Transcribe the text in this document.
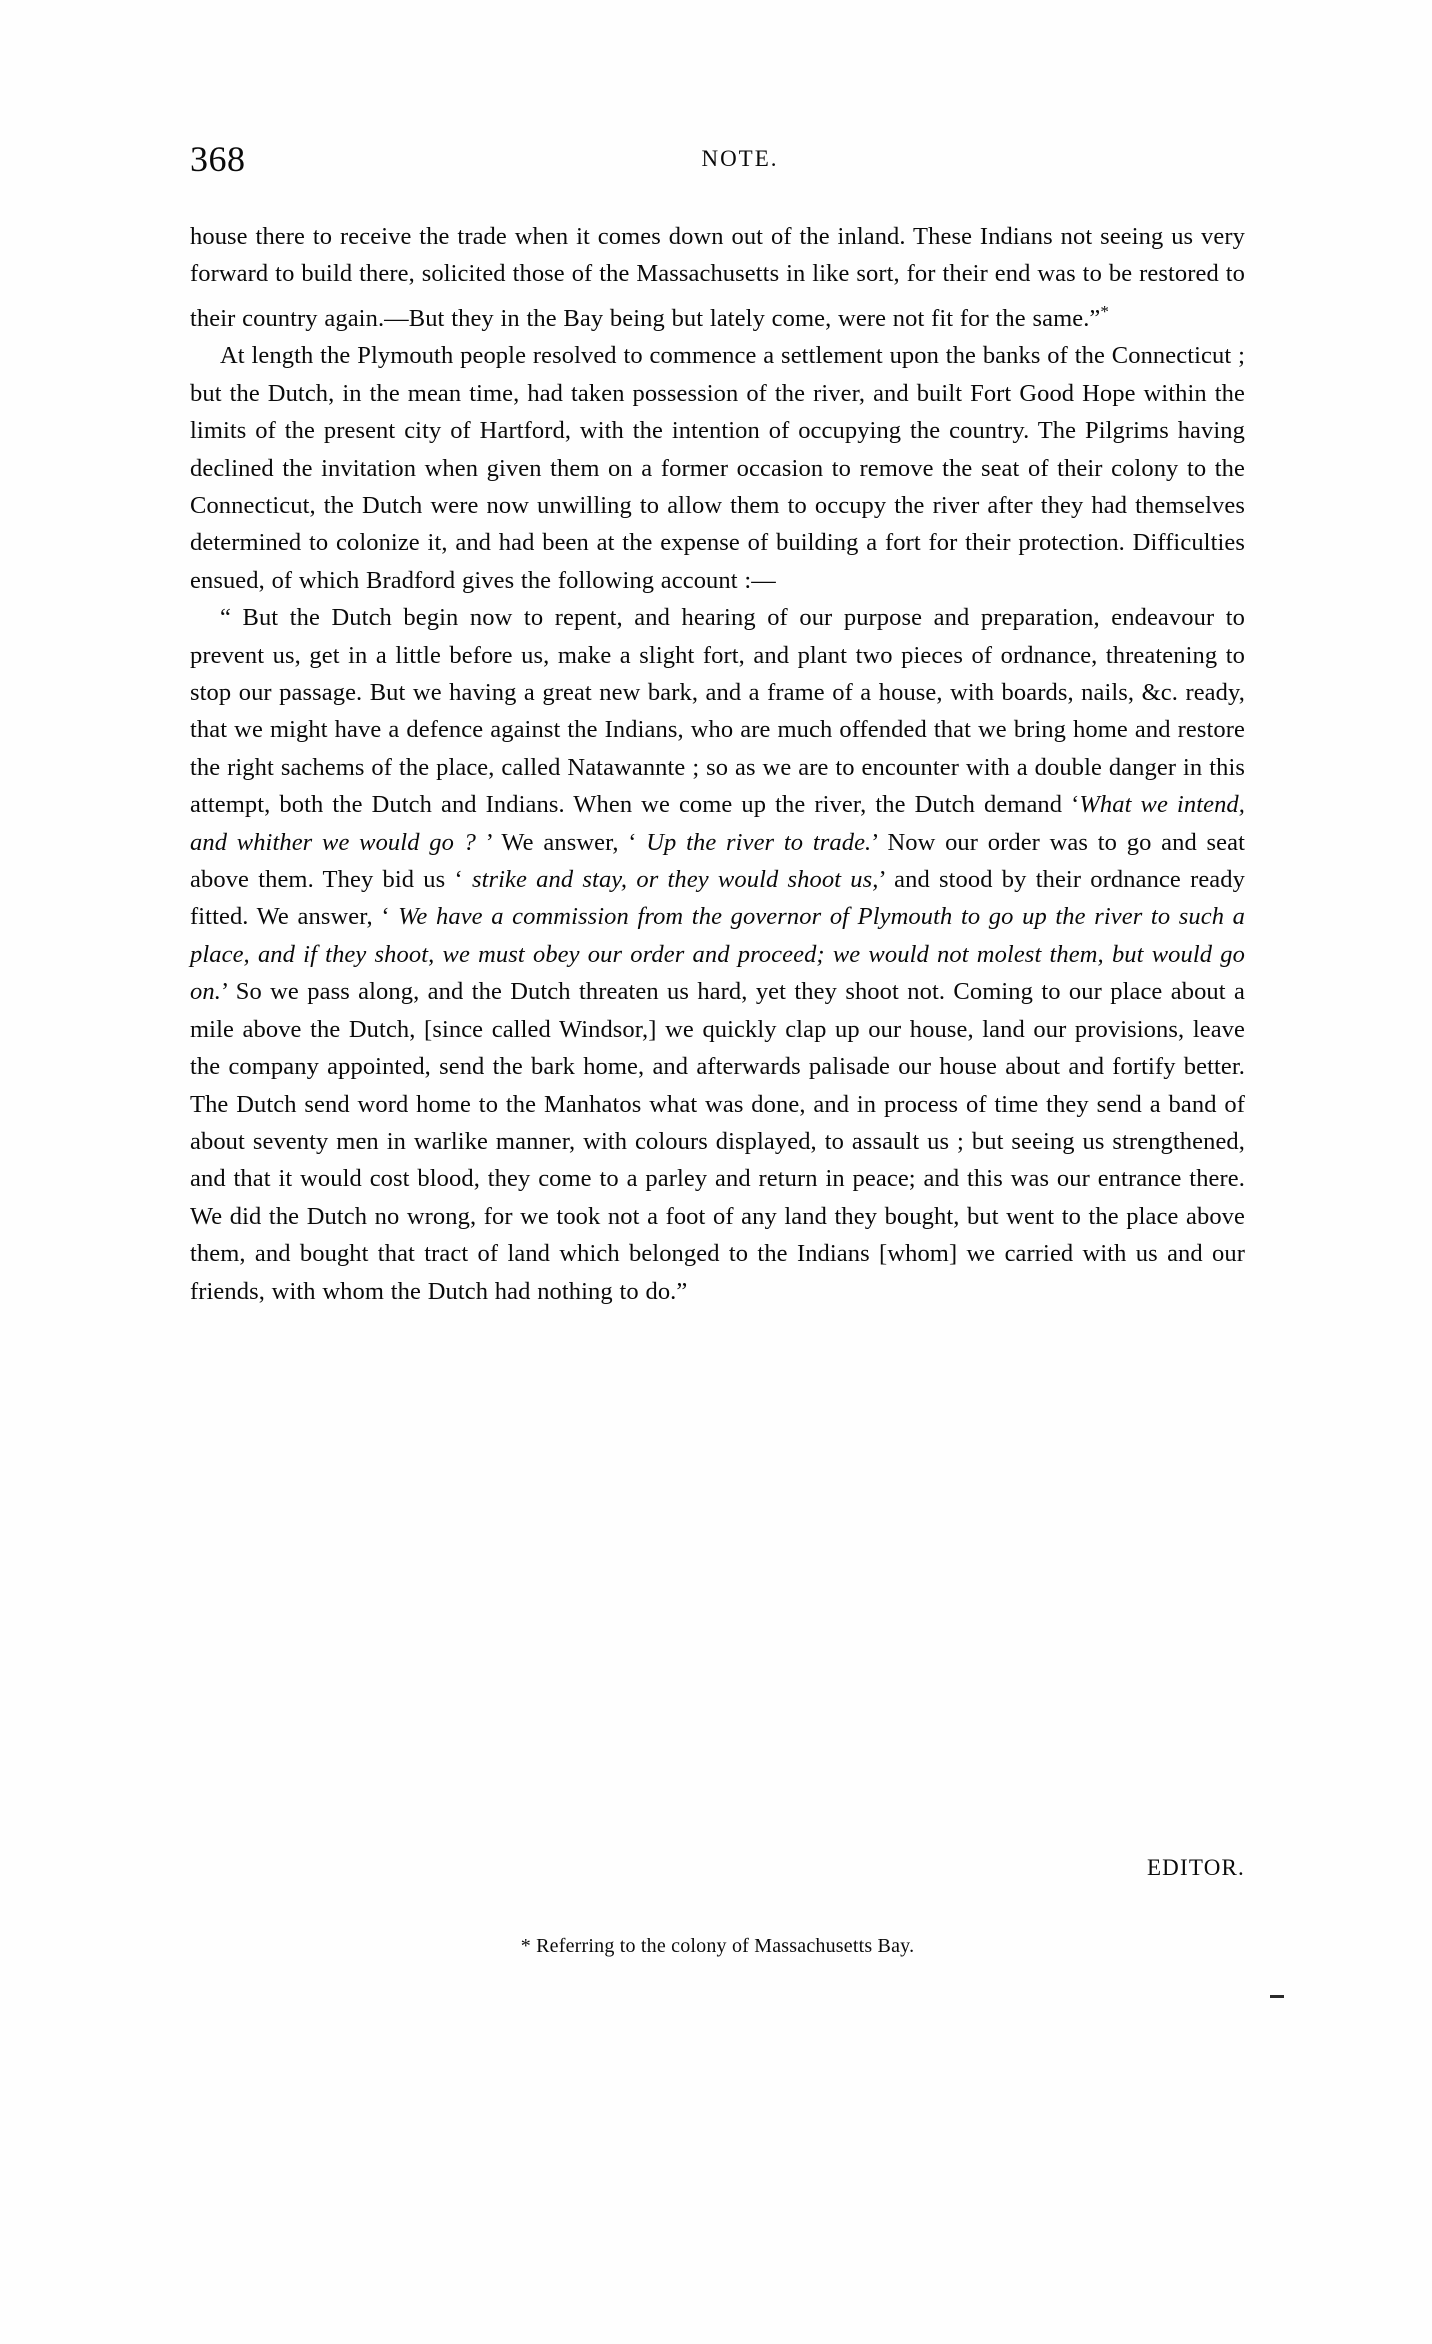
368	NOTE.

house there to receive the trade when it comes down out of the inland. These Indians not seeing us very forward to build there, solicited those of the Massachusetts in like sort, for their end was to be restored to their country again.—But they in the Bay being but lately come, were not fit for the same.”*

At length the Plymouth people resolved to commence a settlement upon the banks of the Connecticut ; but the Dutch, in the mean time, had taken possession of the river, and built Fort Good Hope within the limits of the present city of Hartford, with the intention of occupying the country. The Pilgrims having declined the invitation when given them on a former occasion to remove the seat of their colony to the Connecticut, the Dutch were now unwilling to allow them to occupy the river after they had themselves determined to colonize it, and had been at the expense of building a fort for their protection. Difficulties ensued, of which Bradford gives the following account :—

“ But the Dutch begin now to repent, and hearing of our purpose and preparation, endeavour to prevent us, get in a little before us, make a slight fort, and plant two pieces of ordnance, threatening to stop our passage. But we having a great new bark, and a frame of a house, with boards, nails, &c. ready, that we might have a defence against the Indians, who are much offended that we bring home and restore the right sachems of the place, called Natawannte ; so as we are to encounter with a double danger in this attempt, both the Dutch and Indians. When we come up the river, the Dutch demand ‘What we intend, and whither we would go ? ’ We answer, ‘ Up the river to trade.’ Now our order was to go and seat above them. They bid us ‘ strike and stay, or they would shoot us,’ and stood by their ordnance ready fitted. We answer, ‘ We have a commission from the governor of Plymouth to go up the river to such a place, and if they shoot, we must obey our order and proceed; we would not molest them, but would go on.’ So we pass along, and the Dutch threaten us hard, yet they shoot not. Coming to our place about a mile above the Dutch, [since called Windsor,] we quickly clap up our house, land our provisions, leave the company appointed, send the bark home, and afterwards palisade our house about and fortify better. The Dutch send word home to the Manhatos what was done, and in process of time they send a band of about seventy men in warlike manner, with colours displayed, to assault us ; but seeing us strengthened, and that it would cost blood, they come to a parley and return in peace; and this was our entrance there. We did the Dutch no wrong, for we took not a foot of any land they bought, but went to the place above them, and bought that tract of land which belonged to the Indians [whom] we carried with us and our friends, with whom the Dutch had nothing to do.”

EDITOR.
* Referring to the colony of Massachusetts Bay.
